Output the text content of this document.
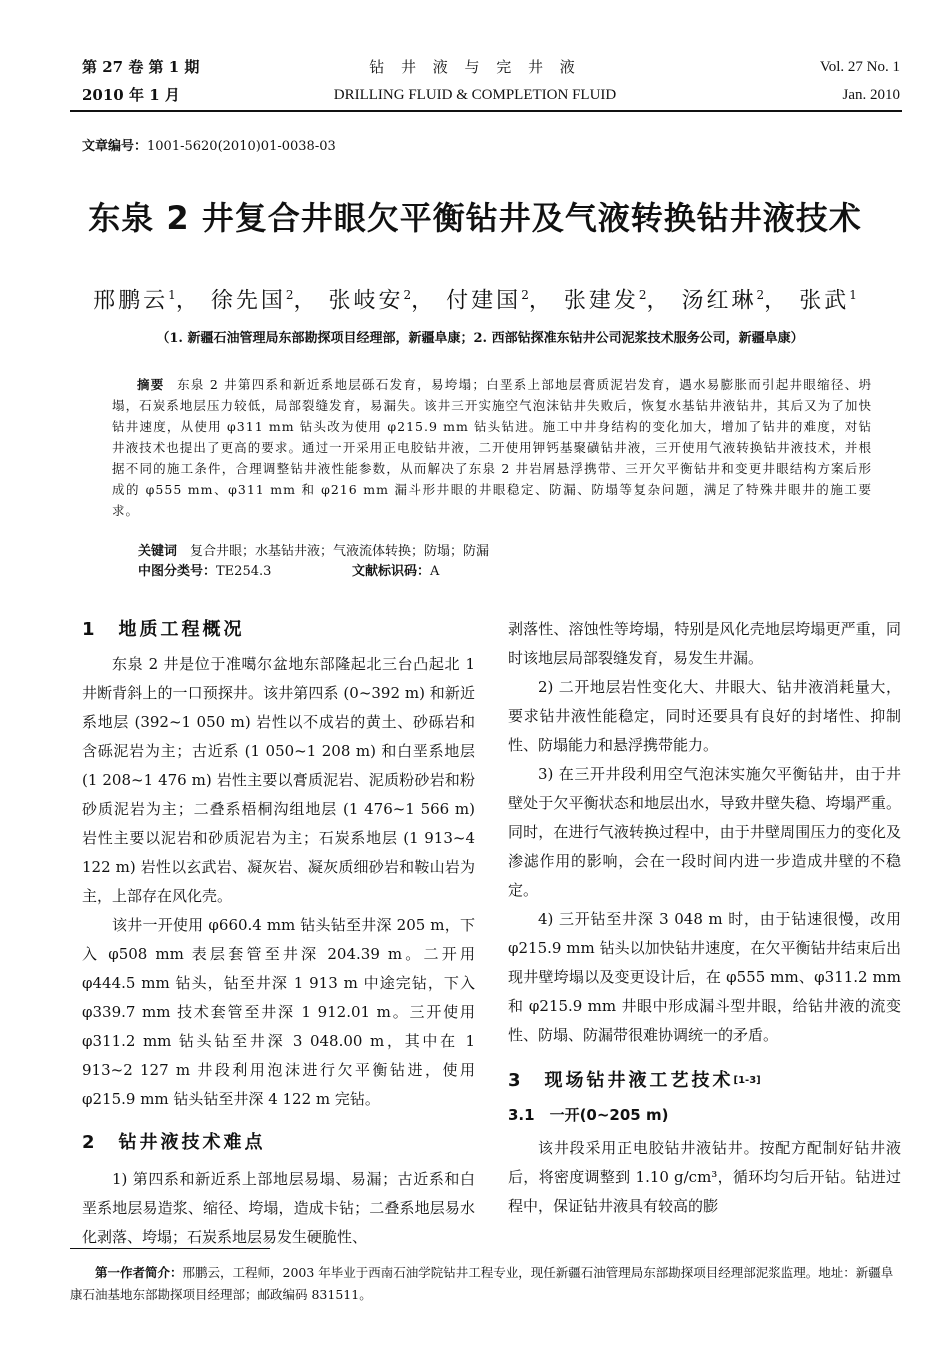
第 27 卷 第 1 期
2010 年 1 月
钻 井 液 与 完 井 液
DRILLING FLUID & COMPLETION FLUID
Vol. 27 No. 1
Jan. 2010
文章编号：1001-5620(2010)01-0038-03
东泉 2 井复合井眼欠平衡钻井及气液转换钻井液技术
邢鹏云$^1$， 徐先国$^2$， 张岐安$^2$， 付建国$^2$， 张建发$^2$， 汤红琳$^2$， 张武$^1$
（1. 新疆石油管理局东部勘探项目经理部，新疆阜康；2. 西部钻探准东钻井公司泥浆技术服务公司，新疆阜康）
摘要 东泉 2 井第四系和新近系地层砾石发育，易垮塌；白垩系上部地层膏质泥岩发育，遇水易膨胀而引起井眼缩径、坍塌，石炭系地层压力较低，局部裂缝发育，易漏失。该井三开实施空气泡沫钻井失败后，恢复水基钻井液钻井，其后又为了加快钻井速度，从使用 φ311 mm 钻头改为使用 φ215.9 mm 钻头钻进。施工中井身结构的变化加大，增加了钻井的难度，对钻井液技术也提出了更高的要求。通过一开采用正电胶钻井液，二开使用钾钙基聚磺钻井液，三开使用气液转换钻井液技术，并根据不同的施工条件，合理调整钻井液性能参数，从而解决了东泉 2 井岩屑悬浮携带、三开欠平衡钻井和变更井眼结构方案后形成的 φ555 mm、φ311 mm 和 φ216 mm 漏斗形井眼的井眼稳定、防漏、防塌等复杂问题，满足了特殊井眼井的施工要求。
关键词 复合井眼；水基钻井液；气液流体转换；防塌；防漏
中图分类号：TE254.3	文献标识码：A

1　地质工程概况

东泉 2 井是位于准噶尔盆地东部隆起北三台凸起北 1 井断背斜上的一口预探井。该井第四系 (0~392 m) 和新近系地层 (392~1 050 m) 岩性以不成岩的黄土、砂砾岩和含砾泥岩为主；古近系 (1 050~1 208 m) 和白垩系地层 (1 208~1 476 m) 岩性主要以膏质泥岩、泥质粉砂岩和粉砂质泥岩为主；二叠系梧桐沟组地层 (1 476~1 566 m) 岩性主要以泥岩和砂质泥岩为主；石炭系地层 (1 913~4 122 m) 岩性以玄武岩、凝灰岩、凝灰质细砂岩和鞍山岩为主，上部存在风化壳。

该井一开使用 φ660.4 mm 钻头钻至井深 205 m，下入 φ508 mm 表层套管至井深 204.39 m。二开用 φ444.5 mm 钻头，钻至井深 1 913 m 中途完钻，下入 φ339.7 mm 技术套管至井深 1 912.01 m。三开使用 φ311.2 mm 钻头钻至井深 3 048.00 m，其中在 1 913~2 127 m 井段利用泡沫进行欠平衡钻进，使用 φ215.9 mm 钻头钻至井深 4 122 m 完钻。

2　钻井液技术难点

1) 第四系和新近系上部地层易塌、易漏；古近系和白垩系地层易造浆、缩径、垮塌，造成卡钻；二叠系地层易水化剥落、垮塌；石炭系地层易发生硬脆性、

剥落性、溶蚀性等垮塌，特别是风化壳地层垮塌更严重，同时该地层局部裂缝发育，易发生井漏。

2) 二开地层岩性变化大、井眼大、钻井液消耗量大，要求钻井液性能稳定，同时还要具有良好的封堵性、抑制性、防塌能力和悬浮携带能力。

3) 在三开井段利用空气泡沫实施欠平衡钻井，由于井壁处于欠平衡状态和地层出水，导致井壁失稳、垮塌严重。同时，在进行气液转换过程中，由于井壁周围压力的变化及渗滤作用的影响，会在一段时间内进一步造成井壁的不稳定。

4) 三开钻至井深 3 048 m 时，由于钻速很慢，改用 φ215.9 mm 钻头以加快钻井速度，在欠平衡钻井结束后出现井壁垮塌以及变更设计后，在 φ555 mm、φ311.2 mm 和 φ215.9 mm 井眼中形成漏斗型井眼，给钻井液的流变性、防塌、防漏带很难协调统一的矛盾。

3　现场钻井液工艺技术[1-3]

3.1　一开(0~205 m)

该井段采用正电胶钻井液钻井。按配方配制好钻井液后，将密度调整到 1.10 g/cm³，循环均匀后开钻。钻进过程中，保证钻井液具有较高的膨

第一作者简介：邢鹏云，工程师，2003 年毕业于西南石油学院钻井工程专业，现任新疆石油管理局东部勘探项目经理部泥浆监理。地址：新疆阜康石油基地东部勘探项目经理部；邮政编码 831511。
